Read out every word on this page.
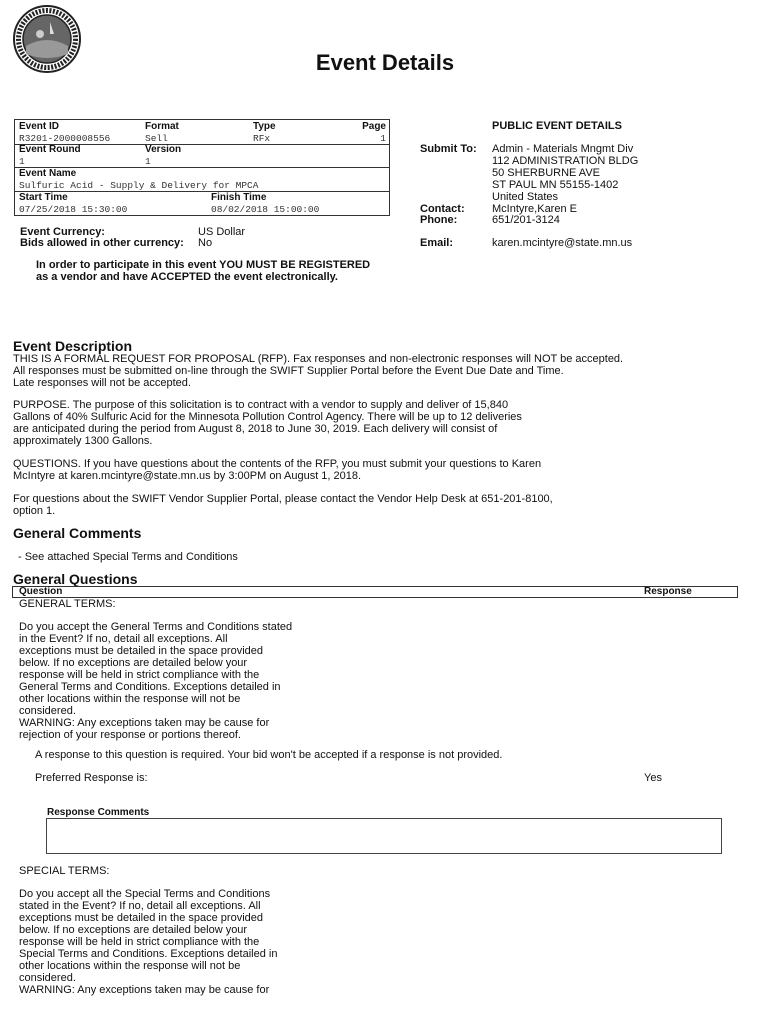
Event Details
Event ID	Format	Type	Page
R3201-2000008556	Sell	RFx	1
Event Round	Version
1	1
Event Name
Sulfuric Acid - Supply & Delivery for MPCA
Start Time	Finish Time
07/25/2018 15:30:00	08/02/2018 15:00:00
Event Currency:	US Dollar
Bids allowed in other currency: No
PUBLIC EVENT DETAILS
Submit To: Admin - Materials Mngmt Div
112 ADMINISTRATION BLDG
50 SHERBURNE AVE
ST PAUL MN 55155-1402
United States
Contact: McIntyre,Karen E
Phone:	651/201-3124
Email:	karen.mcintyre@state.mn.us
In order to participate in this event YOU MUST BE REGISTERED
as a vendor and have ACCEPTED the event electronically.
Event Description
THIS IS A FORMAL REQUEST FOR PROPOSAL (RFP). Fax responses and non-electronic responses will NOT be accepted.
All responses must be submitted on-line through the SWIFT Supplier Portal before the Event Due Date and Time.
Late responses will not be accepted.
PURPOSE. The purpose of this solicitation is to contract with a vendor to supply and deliver of 15,840
Gallons of 40% Sulfuric Acid for the Minnesota Pollution Control Agency. There will be up to 12 deliveries
are anticipated during the period from August 8, 2018 to June 30, 2019. Each delivery will consist of
approximately 1300 Gallons.
QUESTIONS. If you have questions about the contents of the RFP, you must submit your questions to Karen
McIntyre at karen.mcintyre@state.mn.us by 3:00PM on August 1, 2018.
For questions about the SWIFT Vendor Supplier Portal, please contact the Vendor Help Desk at 651-201-8100,
option 1.
General Comments
- See attached Special Terms and Conditions
General Questions
Question	Response
GENERAL TERMS:
Do you accept the General Terms and Conditions stated
in the Event? If no, detail all exceptions. All
exceptions must be detailed in the space provided
below. If no exceptions are detailed below your
response will be held in strict compliance with the
General Terms and Conditions. Exceptions detailed in
other locations within the response will not be
considered.
WARNING: Any exceptions taken may be cause for
rejection of your response or portions thereof.
A response to this question is required. Your bid won't be accepted if a response is not provided.
Preferred Response is:	Yes
Response Comments
SPECIAL TERMS:
Do you accept all the Special Terms and Conditions
stated in the Event? If no, detail all exceptions. All
exceptions must be detailed in the space provided
below. If no exceptions are detailed below your
response will be held in strict compliance with the
Special Terms and Conditions. Exceptions detailed in
other locations within the response will not be
considered.
WARNING: Any exceptions taken may be cause for
